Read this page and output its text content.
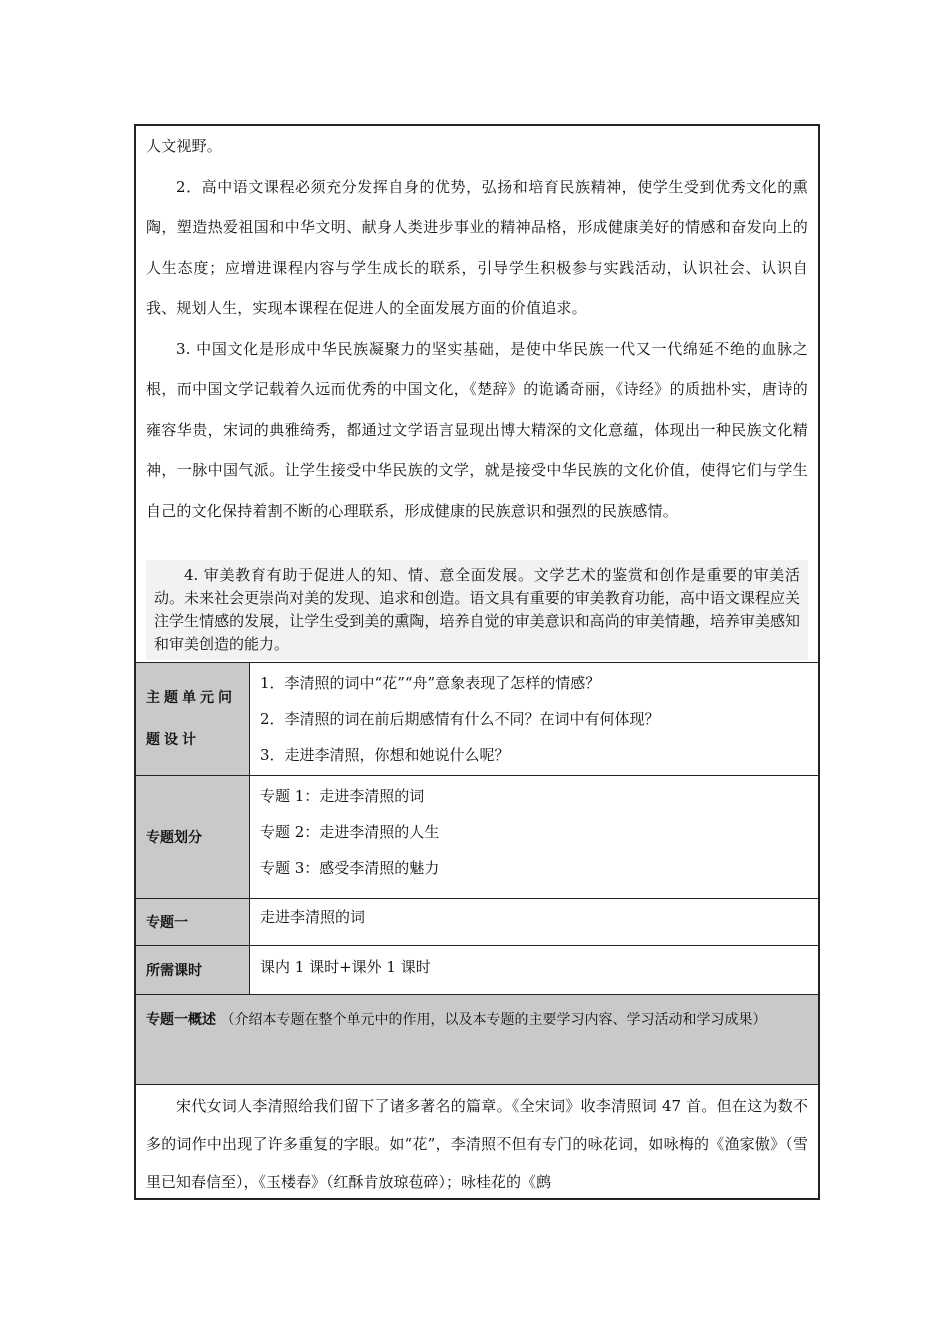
人文视野。

2．高中语文课程必须充分发挥自身的优势，弘扬和培育民族精神，使学生受到优秀文化的熏陶，塑造热爱祖国和中华文明、献身人类进步事业的精神品格，形成健康美好的情感和奋发向上的人生态度；应增进课程内容与学生成长的联系，引导学生积极参与实践活动，认识社会、认识自我、规划人生，实现本课程在促进人的全面发展方面的价值追求。

3. 中国文化是形成中华民族凝聚力的坚实基础，是使中华民族一代又一代绵延不绝的血脉之根，而中国文学记载着久远而优秀的中国文化，《楚辞》的诡谲奇丽，《诗经》的质拙朴实，唐诗的雍容华贵，宋词的典雅绮秀，都通过文学语言显现出博大精深的文化意蕴，体现出一种民族文化精神，一脉中国气派。让学生接受中华民族的文学，就是接受中华民族的文化价值，使得它们与学生自己的文化保持着割不断的心理联系，形成健康的民族意识和强烈的民族感情。

4. 审美教育有助于促进人的知、情、意全面发展。文学艺术的鉴赏和创作是重要的审美活动。未来社会更崇尚对美的发现、追求和创造。语文具有重要的审美教育功能，高中语文课程应关注学生情感的发展，让学生受到美的熏陶，培养自觉的审美意识和高尚的审美情趣，培养审美感知和审美创造的能力。

主题单元问题设计
1．李清照的词中“花”“舟”意象表现了怎样的情感？
2．李清照的词在前后期感情有什么不同？在词中有何体现？
3．走进李清照，你想和她说什么呢？
专题划分
专题 1：走进李清照的词
专题 2：走进李清照的人生
专题 3：感受李清照的魅力
专题一	走进李清照的词
所需课时	课内 1 课时+课外 1 课时
专题一概述 （介绍本专题在整个单元中的作用，以及本专题的主要学习内容、学习活动和学习成果）

宋代女词人李清照给我们留下了诸多著名的篇章。《全宋词》收李清照词 47 首。但在这为数不多的词作中出现了许多重复的字眼。如“花”，李清照不但有专门的咏花词，如咏梅的《渔家傲》（雪里已知春信至），《玉楼春》（红酥肯放琼苞碎）；咏桂花的《鹧
